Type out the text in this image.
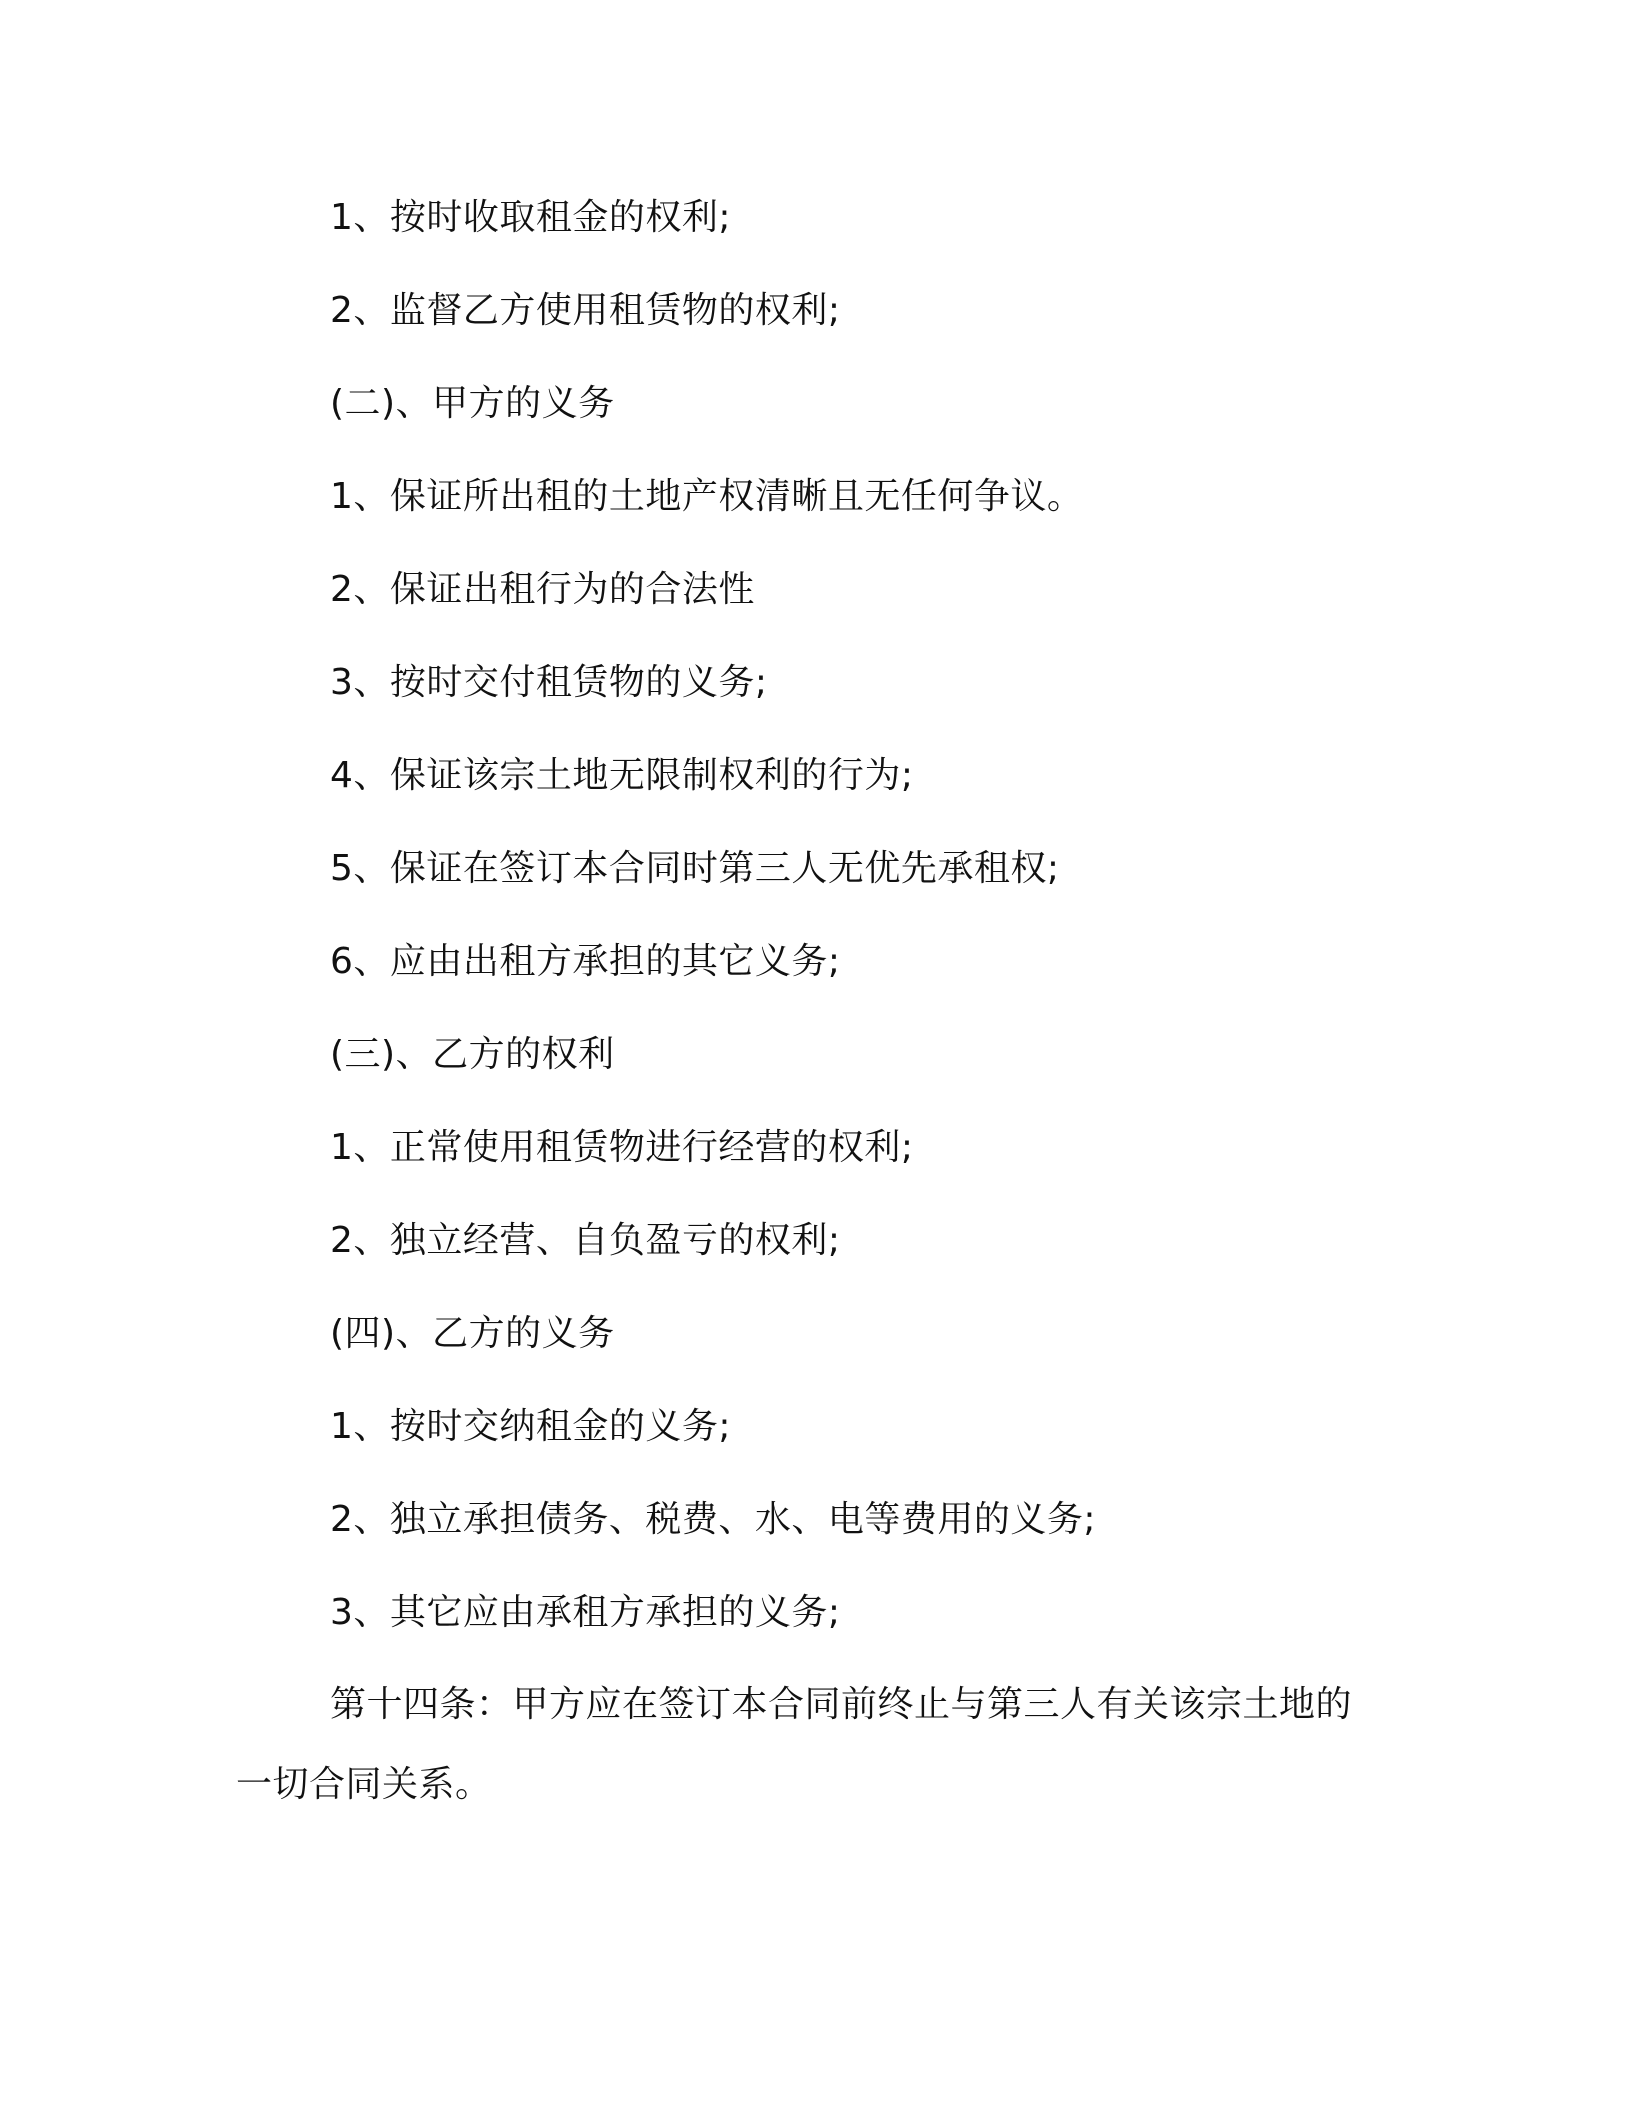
1、按时收取租金的权利;

2、监督乙方使用租赁物的权利;

(二)、甲方的义务

1、保证所出租的土地产权清晰且无任何争议。

2、保证出租行为的合法性

3、按时交付租赁物的义务;

4、保证该宗土地无限制权利的行为;

5、保证在签订本合同时第三人无优先承租权;

6、应由出租方承担的其它义务;

(三)、乙方的权利

1、正常使用租赁物进行经营的权利;

2、独立经营、自负盈亏的权利;

(四)、乙方的义务

1、按时交纳租金的义务;

2、独立承担债务、税费、水、电等费用的义务;

3、其它应由承租方承担的义务;

第十四条：甲方应在签订本合同前终止与第三人有关该宗土地的
一切合同关系。
